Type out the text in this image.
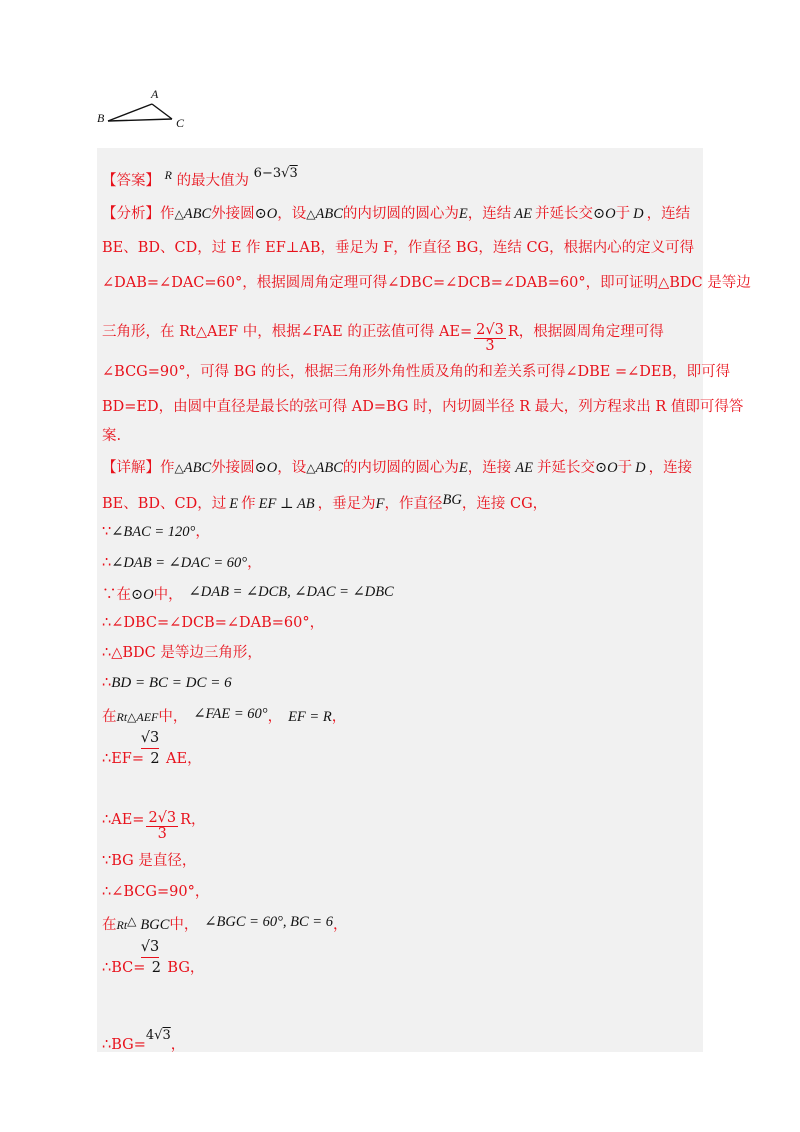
A
B	C
【答案】 $^R$ 的最大值为 6−3√3
【分析】作△ABC外接圆⊙O，设△ABC的内切圆的圆心为E，连结 AE 并延长交⊙O于 D ，连结
BE、BD、CD，过 E 作 EF⊥AB，垂足为 F，作直径 BG，连结 CG，根据内心的定义可得
∠DAB=∠DAC=60°，根据圆周角定理可得∠DBC=∠DCB=∠DAB=60°，即可证明△BDC 是等边
三角形，在 Rt△AEF 中，根据∠FAE 的正弦值可得 $AE= \frac{2√3}{3}$ R，根据圆周角定理可得
∠BCG=90°，可得 BG 的长，根据三角形外角性质及角的和差关系可得∠DBE =∠DEB，即可得
BD=ED，由圆中直径是最长的弦可得 AD=BG 时，内切圆半径 R 最大，列方程求出 R 值即可得答
案.
【详解】作△ABC外接圆⊙O，设△ABC的内切圆的圆心为E，连接 AE 并延长交⊙O于 D ，连接
BE、BD、CD，过 E 作 EF ⊥ AB ，垂足为F，作直径BG，连接 CG，
∵∠BAC = 120°，
∴∠DAB = ∠DAC = 60°，
∵在⊙O中， ∠DAB = ∠DCB, ∠DAC = ∠DBC
∴∠DBC=∠DCB=∠DAB=60°，
∴△BDC 是等边三角形，
∴BD = BC = DC = 6
在Rt△AEF中， ∠FAE = 60°， EF = R，
√3
∴EF= 2 AE，
∴AE= $\frac{2√3}{3}$ R，
∵BG 是直径，
∴∠BCG=90°，
在Rt△ BGC中， ∠BGC = 60°, BC = 6，
√3
∴BC= 2 BG，
∴BG=4√3，
